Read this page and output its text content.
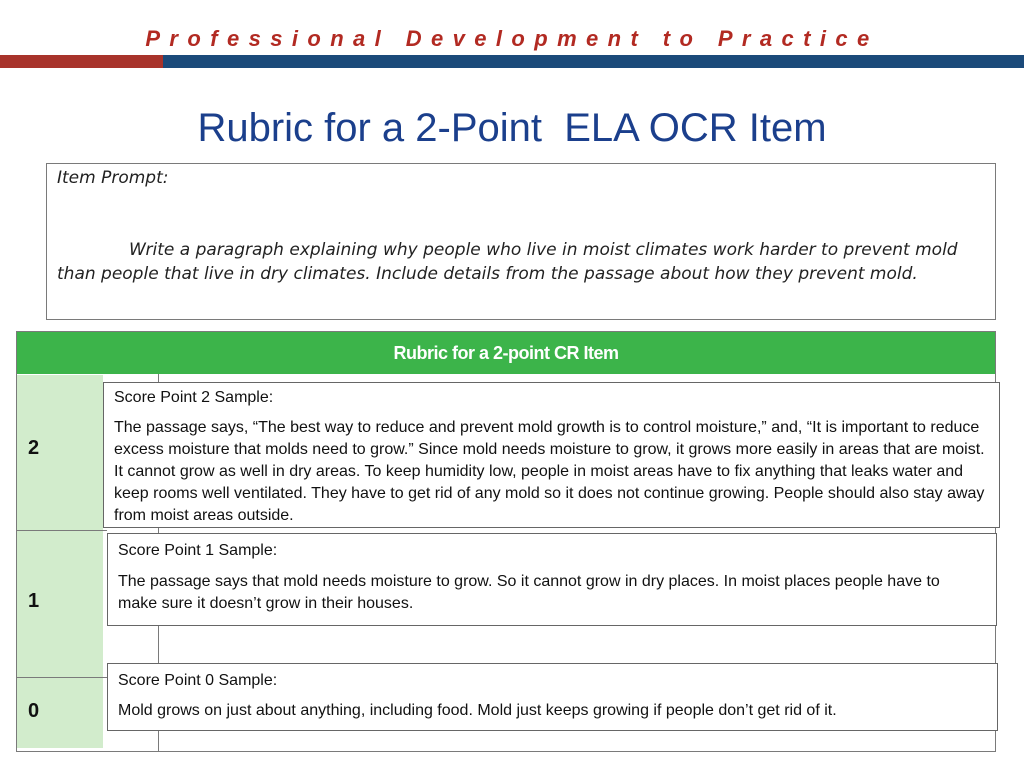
Professional Development to Practice
Rubric for a 2-Point  ELA OCR Item
Item Prompt:

Write a paragraph explaining why people who live in moist climates work harder to prevent mold than people that live in dry climates. Include details from the passage about how they prevent mold.

Rubric for a 2-point CR Item
2
1
0
Score Point 2 Sample:

The passage says, “The best way to reduce and prevent mold growth is to control moisture,” and, “It is important to reduce excess moisture that molds need to grow.” Since mold needs moisture to grow, it grows more easily in areas that are moist. It cannot grow as well in dry areas. To keep humidity low, people in moist areas have to fix anything that leaks water and keep rooms well ventilated. They have to get rid of any mold so it does not continue growing. People should also stay away from moist areas outside.

Score Point 1 Sample:

The passage says that mold needs moisture to grow. So it cannot grow in dry places. In moist places people have to make sure it doesn’t grow in their houses.

Score Point 0 Sample:

Mold grows on just about anything, including food. Mold just keeps growing if people don’t get rid of it.
